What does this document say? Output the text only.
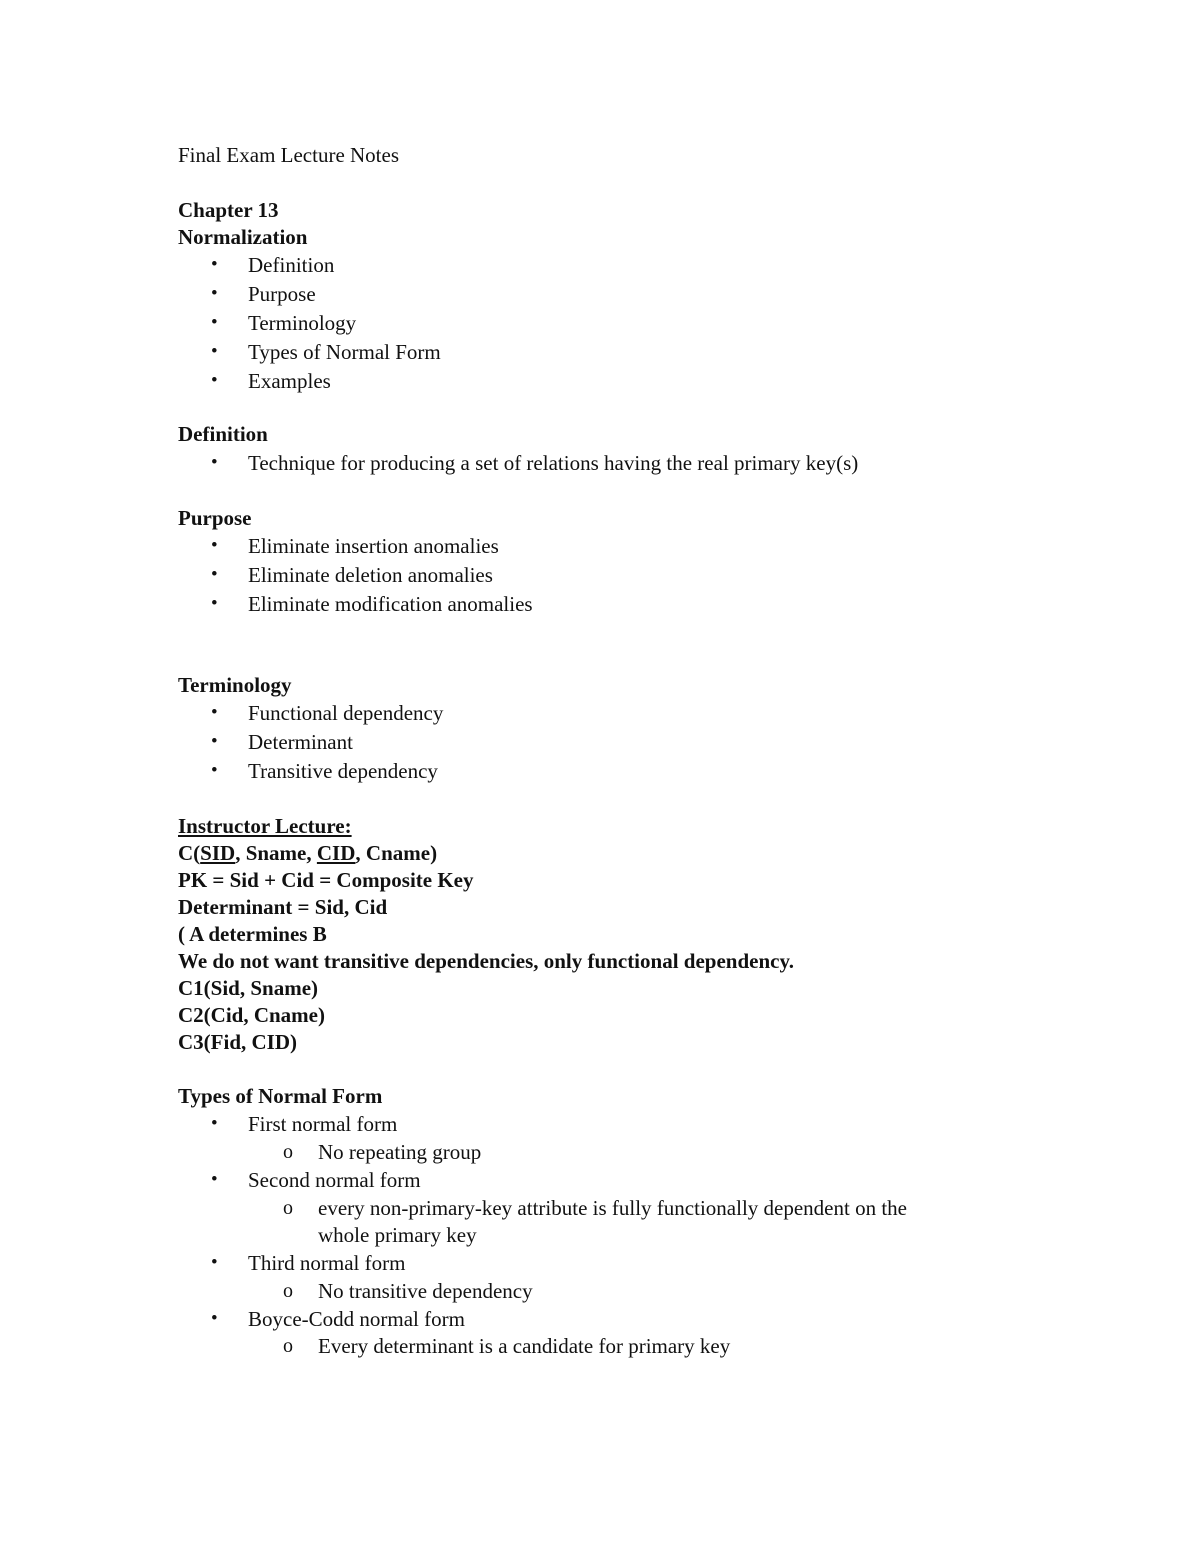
Final Exam Lecture Notes
Chapter 13
Normalization
•	Definition
•	Purpose
•	Terminology
•	Types of Normal Form
•	Examples
Definition
•	Technique for producing a set of relations having the real primary key(s)
Purpose
•	Eliminate insertion anomalies
•	Eliminate deletion anomalies
•	Eliminate modification anomalies
Terminology
•	Functional dependency
•	Determinant
•	Transitive dependency
Instructor Lecture:
C(SID, Sname, CID, Cname)
PK = Sid + Cid = Composite Key
Determinant = Sid, Cid
( A determines B
We do not want transitive dependencies, only functional dependency.
C1(Sid, Sname)
C2(Cid, Cname)
C3(Fid, CID)
Types of Normal Form
•	First normal form
o No repeating group
•	Second normal form
o every non-primary-key attribute is fully functionally dependent on the
whole primary key
•	Third normal form
o No transitive dependency
•	Boyce-Codd normal form
o Every determinant is a candidate for primary key
